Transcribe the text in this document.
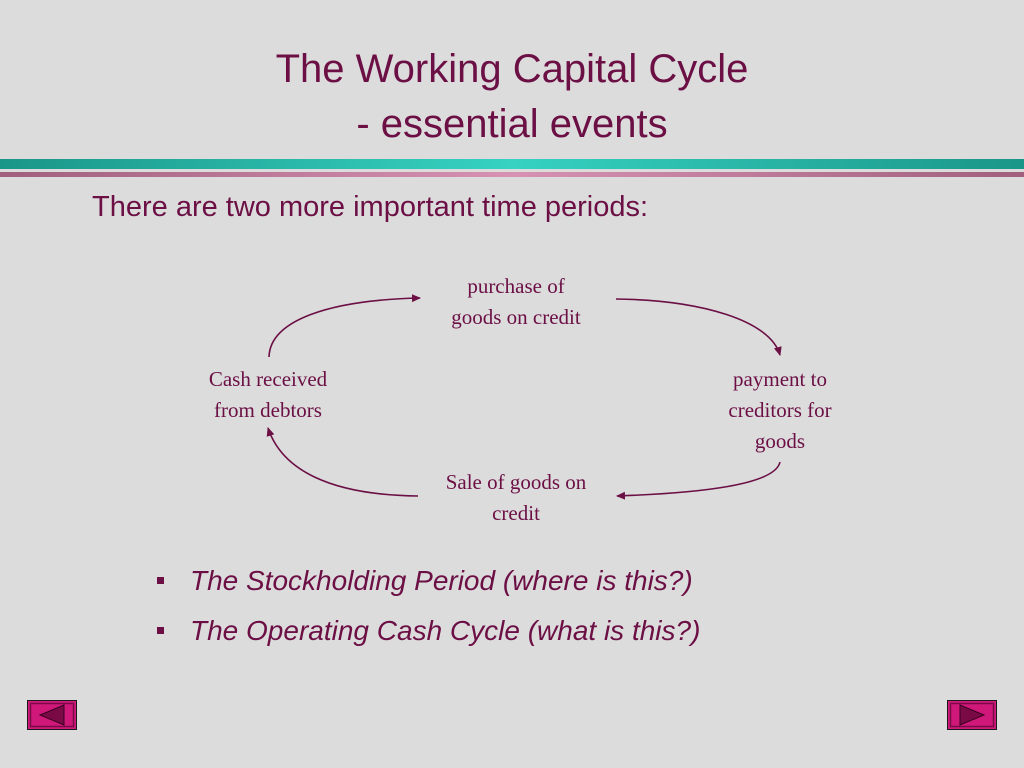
The Working Capital Cycle
- essential events
There are two more important time periods:
purchase of
goods on credit
payment to
creditors for
goods
Sale of goods on
credit
Cash received
from debtors
The Stockholding Period (where is this?)
The Operating Cash Cycle (what is this?)
